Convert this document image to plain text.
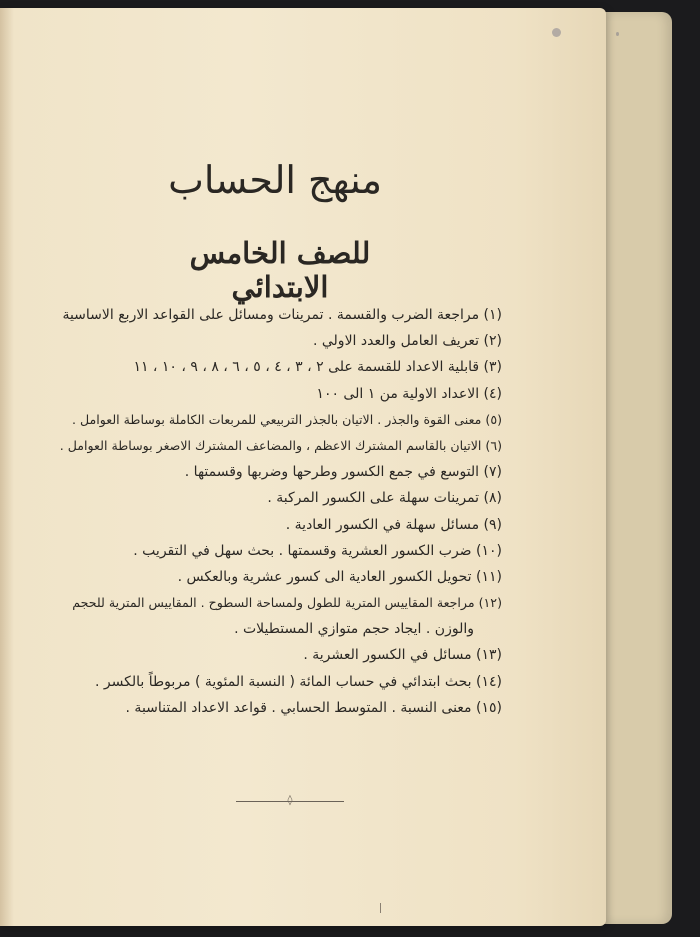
منهج الحساب
للصف الخامس الابتدائي
(١) مراجعة الضرب والقسمة . تمرينات ومسائل على القواعد الاربع الاساسية
(٢) تعريف العامل والعدد الاولي .
(٣) قابلية الاعداد للقسمة على ٢ ، ٣ ، ٤ ، ٥ ، ٦ ، ٨ ، ٩ ، ١٠ ، ١١
(٤) الاعداد الاولية من ١ الى ١٠٠
(٥) معنى القوة والجذر . الاتيان بالجذر التربيعي للمربعات الكاملة بوساطة العوامل .
(٦) الاتيان بالقاسم المشترك الاعظم ، والمضاعف المشترك الاصغر بوساطة العوامل .
(٧) التوسع في جمع الكسور وطرحها وضربها وقسمتها .
(٨) تمرينات سهلة على الكسور المركبة .
(٩) مسائل سهلة في الكسور العادية .
(١٠) ضرب الكسور العشرية وقسمتها . بحث سهل في التقريب .
(١١) تحويل الكسور العادية الى كسور عشرية وبالعكس .
(١٢) مراجعة المقاييس المترية للطول ولمساحة السطوح . المقاييس المترية للحجم
والوزن . ايجاد حجم متوازي المستطيلات .
(١٣) مسائل في الكسور العشرية .
(١٤) بحث ابتدائي في حساب المائة ( النسبة المئوية ) مربوطاً بالكسر .
(١٥) معنى النسبة . المتوسط الحسابي . قواعد الاعداد المتناسبة .
◊
